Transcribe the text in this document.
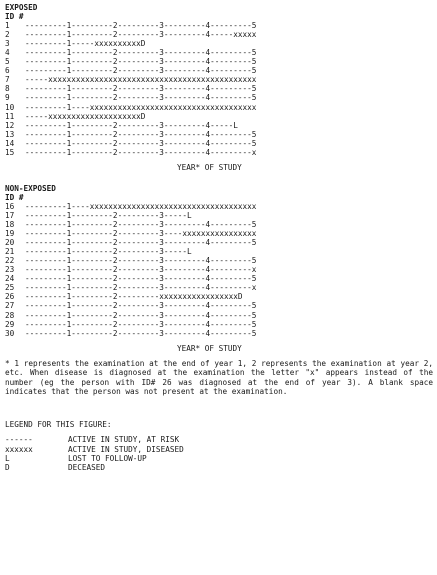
EXPOSED
ID #
1	---------1---------2---------3---------4---------5
2	---------1---------2---------3---------4-----xxxxx
3	---------1-----xxxxxxxxxxD
4	---------1---------2---------3---------4---------5
5	---------1---------2---------3---------4---------5
6	---------1---------2---------3---------4---------5
7	-----xxxxxxxxxxxxxxxxxxxxxxxxxxxxxxxxxxxxxxxxxxxxx
8	---------1---------2---------3---------4---------5
9	---------1---------2---------3---------4---------5
10	---------1----xxxxxxxxxxxxxxxxxxxxxxxxxxxxxxxxxxxx
11	-----xxxxxxxxxxxxxxxxxxxxD
12	---------1---------2---------3---------4-----L
13	---------1---------2---------3---------4---------5
14	---------1---------2---------3---------4---------5
15	---------1---------2---------3---------4---------x
YEAR* OF STUDY
NON-EXPOSED
ID #
16	---------1----xxxxxxxxxxxxxxxxxxxxxxxxxxxxxxxxxxxx
17	---------1---------2---------3-----L
18	---------1---------2---------3---------4---------5
19	---------1---------2---------3----xxxxxxxxxxxxxxxx
20	---------1---------2---------3---------4---------5
21	---------1---------2---------3-----L
22	---------1---------2---------3---------4---------5
23	---------1---------2---------3---------4---------x
24	---------1---------2---------3---------4---------5
25	---------1---------2---------3---------4---------x
26	---------1---------2---------xxxxxxxxxxxxxxxxxD
27	---------1---------2---------3---------4---------5
28	---------1---------2---------3---------4---------5
29	---------1---------2---------3---------4---------5
30	---------1---------2---------3---------4---------5
YEAR* OF STUDY
* 1 represents the examination at the end of year 1, 2 represents the examination at year 2, etc. When disease is diagnosed at the examination the letter "x" appears instead of the number (eg the person with ID# 26 was diagnosed at the end of year 3). A blank space indicates that the person was not present at the examination.
LEGEND FOR THIS FIGURE:
------	ACTIVE IN STUDY, AT RISK
xxxxxx	ACTIVE IN STUDY, DISEASED
L	LOST TO FOLLOW-UP
D	DECEASED
